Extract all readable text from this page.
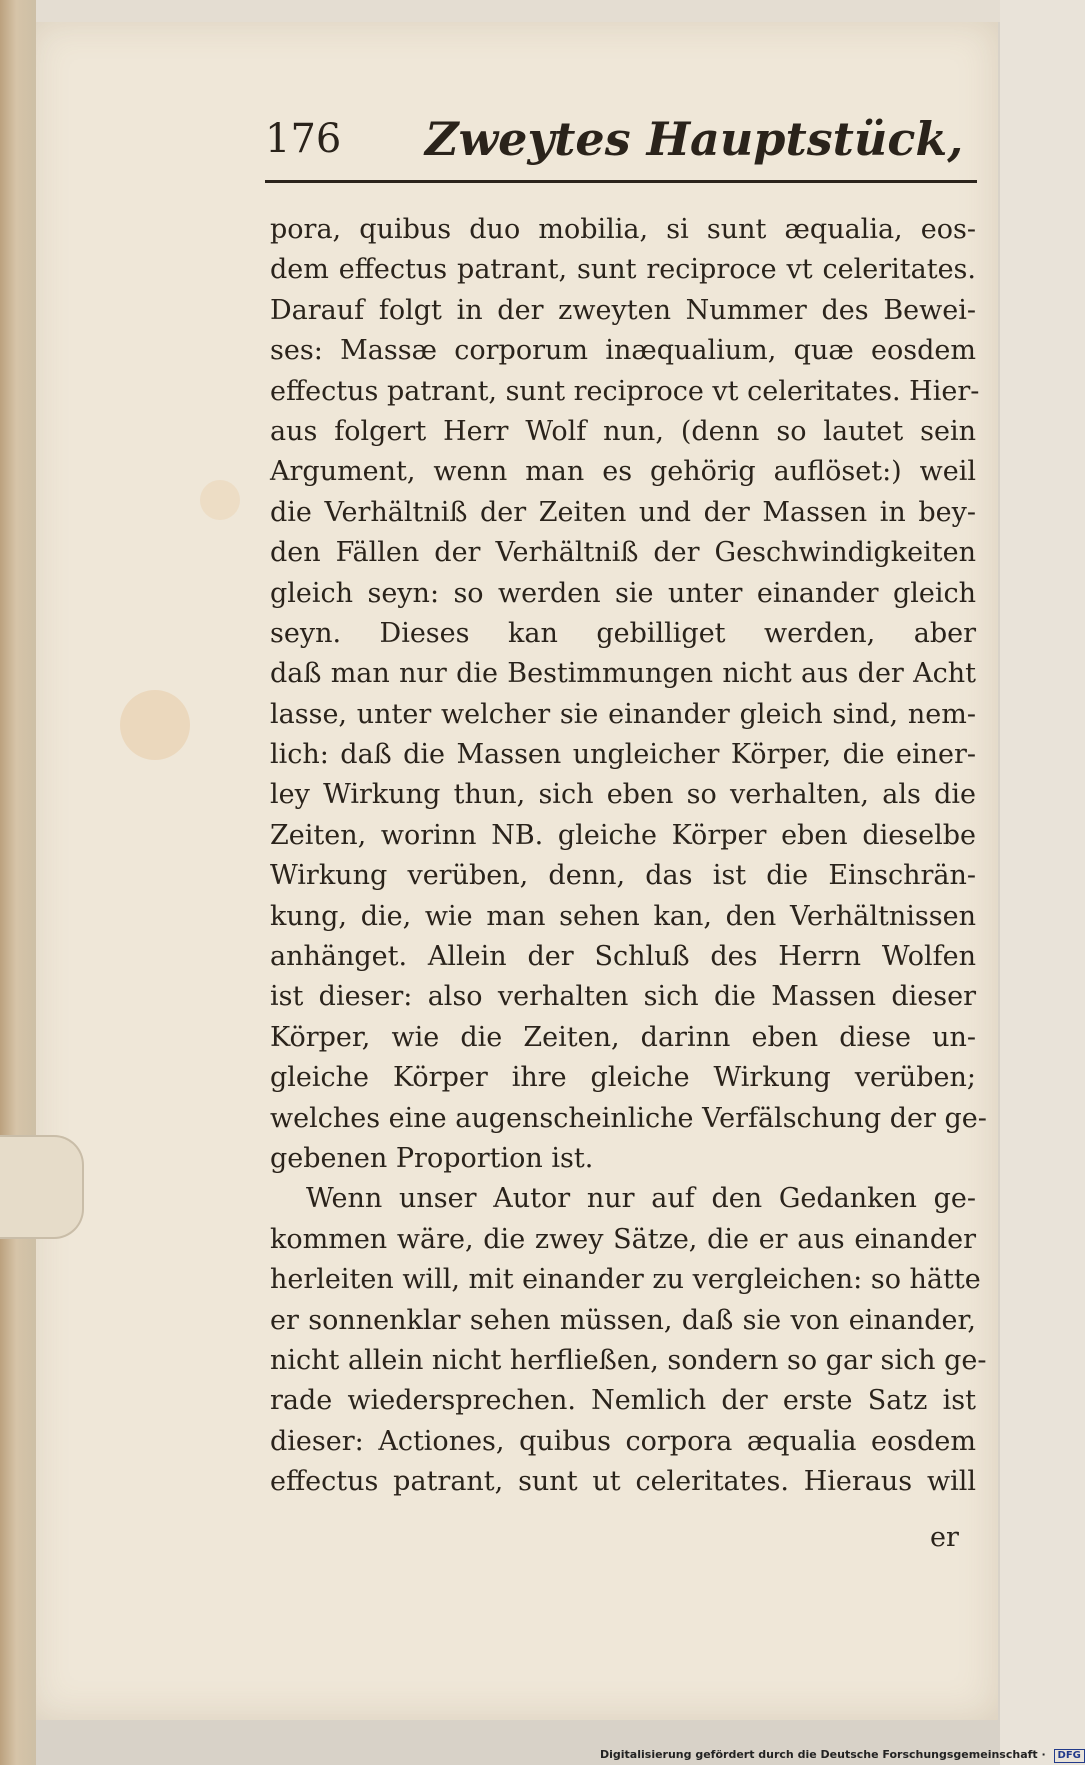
176 Zweytes Hauptstück,
pora, quibus duo mobilia, si sunt æqualia, eos-
dem effectus patrant, sunt reciproce vt celeritates.
Darauf folgt in der zweyten Nummer des Bewei-
ses: Massæ corporum inæqualium, quæ eosdem
effectus patrant, sunt reciproce vt celeritates. Hier-
aus folgert Herr Wolf nun, (denn so lautet sein
Argument, wenn man es gehörig auflöset:) weil
die Verhältniß der Zeiten und der Massen in bey-
den Fällen der Verhältniß der Geschwindigkeiten
gleich seyn: so werden sie unter einander gleich
seyn. Dieses kan gebilliget werden, aber
daß man nur die Bestimmungen nicht aus der Acht
lasse, unter welcher sie einander gleich sind, nem-
lich: daß die Massen ungleicher Körper, die einer-
ley Wirkung thun, sich eben so verhalten, als die
Zeiten, worinn NB. gleiche Körper eben dieselbe
Wirkung verüben, denn, das ist die Einschrän-
kung, die, wie man sehen kan, den Verhältnissen
anhänget. Allein der Schluß des Herrn Wolfen
ist dieser: also verhalten sich die Massen dieser
Körper, wie die Zeiten, darinn eben diese un-
gleiche Körper ihre gleiche Wirkung verüben;
welches eine augenscheinliche Verfälschung der ge-
gebenen Proportion ist.
Wenn unser Autor nur auf den Gedanken ge-
kommen wäre, die zwey Sätze, die er aus einander
herleiten will, mit einander zu vergleichen: so hätte
er sonnenklar sehen müssen, daß sie von einander,
nicht allein nicht herfließen, sondern so gar sich ge-
rade wiedersprechen. Nemlich der erste Satz ist
dieser: Actiones, quibus corpora æqualia eosdem
effectus patrant, sunt ut celeritates. Hieraus will
er
Digitalisierung gefördert durch die Deutsche Forschungsgemeinschaft · DFG
